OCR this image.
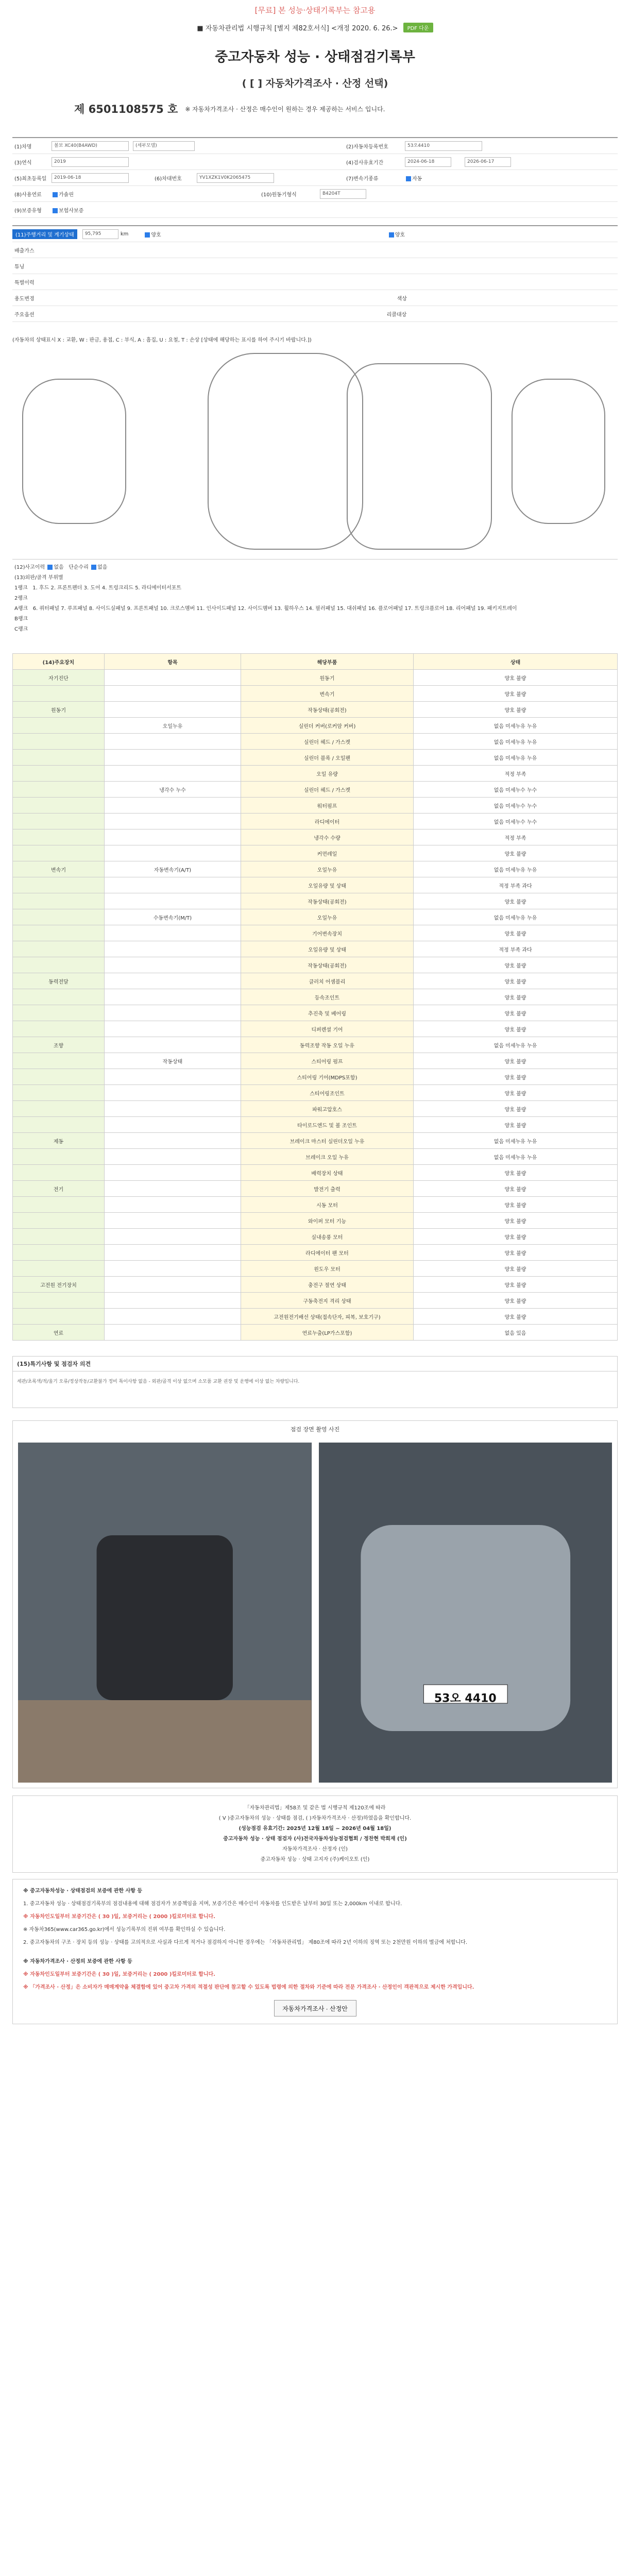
[무료] 본 성능·상태기록부는 참고용
■ 자동차관리법 시행규칙 [별지 제82호서식] <개정 2020. 6. 26.>	PDF 다운
중고자동차 성능 · 상태점검기록부
( [ ] 자동차가격조사 · 산정 선택)
제 6501108575 호 ※ 자동차가격조사 · 산정은 매수인이 원하는 경우 제공하는 서비스 입니다.
(1)차명	볼보 XC40(B4AWD)	(세부모델)	(2)자동차등록번호	53오4410
(3)연식	2019	(4)검사유효기간	2024-06-18	2026-06-17
(5)최초등록일	2019-06-18	(6)차대번호	YV1XZK1V0K2065475	(7)변속기종류	자동
(8)사용연료	가솔린	(10)원동기형식	B4204T
(9)보증유형	보험사보증
(11)주행거리 및 계기상태	95,795	km	양호	양호
배출가스
튜닝
특별이력
용도변경	색상
주요옵션	리콜대상
(자동차의 상태표시 X : 교환, W : 판금, 용접, C : 부식, A : 흠집, U : 요철, T : 손상 [상태에 해당하는 표시를 하여 주시기 바랍니다.])
(12)사고이력 없음 단순수리 없음
(13)외판/골격 부위별
1랭크 1. 후드 2. 프론트펜더 3. 도어 4. 트렁크리드 5. 라디에이터서포트
2랭크
A랭크 6. 쿼터패널 7. 루프패널 8. 사이드실패널 9. 프론트패널 10. 크로스멤버 11. 인사이드패널 12. 사이드멤버 13. 휠하우스 14. 필러패널 15. 대쉬패널 16. 플로어패널 17. 트렁크플로어 18. 리어패널 19. 패키지트레이
B랭크
C랭크
(14)주요장치	항목	해당부품	상태
자기진단		원동기	양호 불량
		변속기	양호 불량
원동기		작동상태(공회전)	양호 불량
	오일누유	실린더 커버(로커암 커버)	없음 미세누유 누유
		실린더 헤드 / 가스켓	없음 미세누유 누유
		실린더 블록 / 오일팬	없음 미세누유 누유
		오일 유량	적정 부족
	냉각수 누수	실린더 헤드 / 가스켓	없음 미세누수 누수
		워터펌프	없음 미세누수 누수
		라디에이터	없음 미세누수 누수
		냉각수 수량	적정 부족
		커먼레일	양호 불량
변속기	자동변속기(A/T)	오일누유	없음 미세누유 누유
		오일유량 및 상태	적정 부족 과다
		작동상태(공회전)	양호 불량
	수동변속기(M/T)	오일누유	없음 미세누유 누유
		기어변속장치	양호 불량
		오일유량 및 상태	적정 부족 과다
		작동상태(공회전)	양호 불량
동력전달		클러치 어셈블리	양호 불량
		등속조인트	양호 불량
		추진축 및 베어링	양호 불량
		디퍼렌셜 기어	양호 불량
조향		동력조향 작동 오일 누유	없음 미세누유 누유
	작동상태	스티어링 펌프	양호 불량
		스티어링 기어(MDPS포함)	양호 불량
		스티어링조인트	양호 불량
		파워고압호스	양호 불량
		타이로드엔드 및 볼 조인트	양호 불량
제동		브레이크 마스터 실린더오일 누유	없음 미세누유 누유
		브레이크 오일 누유	없음 미세누유 누유
		배력장치 상태	양호 불량
전기		발전기 출력	양호 불량
		시동 모터	양호 불량
		와이퍼 모터 기능	양호 불량
		실내송풍 모터	양호 불량
		라디에이터 팬 모터	양호 불량
		윈도우 모터	양호 불량
고전원 전기장치		충전구 절연 상태	양호 불량
		구동축전지 격리 상태	양호 불량
		고전원전기배선 상태(접속단자, 피복, 보호기구)	양호 불량
연료		연료누출(LP가스포함)	없음 있음
(15)특기사항 및 점검자 의견
세관/초록색/적/울기 오류/정상작동/교환불가 정비 특이사항 없음 - 외판/골격 이상 없으며 소모품 교환 권장 및 운행에 이상 없는 차량입니다.
점검 장면 촬영 사진
53오 4410
「자동차관리법」제58조 및 같은 법 시행규칙 제120조에 따라
( V )중고자동차의 성능 · 상태를 점검, ( )자동차가격조사 · 산정)하였음을 확인합니다.
(성능점검 유효기간: 2025년 12월 18일 ~ 2026년 04월 18일)
중고자동차 성능 · 상태 점검자 (사)전국자동차성능점검협회 / 정찬현 박희재 (인)
자동차가격조사 · 산정자 (인)
중고자동차 성능 · 상태 고지자 (주)케이오토 (인)

※ 중고자동차성능 · 상태점검의 보증에 관한 사항 등

1. 중고자동차 성능 · 상태점검기록부의 점검내용에 대해 점검자가 보증책임을 지며, 보증기간은 매수인이 자동차를 인도받은 날부터 30일 또는 2,000km 이내로 합니다.

※ 자동차인도일부터 보증기간은 ( 30 )일, 보증거리는 ( 2000 )킬로미터로 합니다.

※ 자동차365(www.car365.go.kr)에서 성능기록부의 진위 여부를 확인하실 수 있습니다.

2. 중고자동차의 구조 · 장치 등의 성능 · 상태를 고의적으로 사실과 다르게 적거나 점검하지 아니한 경우에는 「자동차관리법」 제80조에 따라 2년 이하의 징역 또는 2천만원 이하의 벌금에 처합니다.

※ 자동차가격조사 · 산정의 보증에 관한 사항 등

※ 자동차인도일부터 보증기간은 ( 30 )일, 보증거리는 ( 2000 )킬로미터로 합니다.

※ 「가격조사 · 산정」은 소비자가 매매계약을 체결함에 있어 중고차 가격의 적절성 판단에 참고할 수 있도록 법령에 의한 절차와 기준에 따라 전문 가격조사 · 산정인이 객관적으로 제시한 가격입니다.

자동차가격조사 · 산정안
